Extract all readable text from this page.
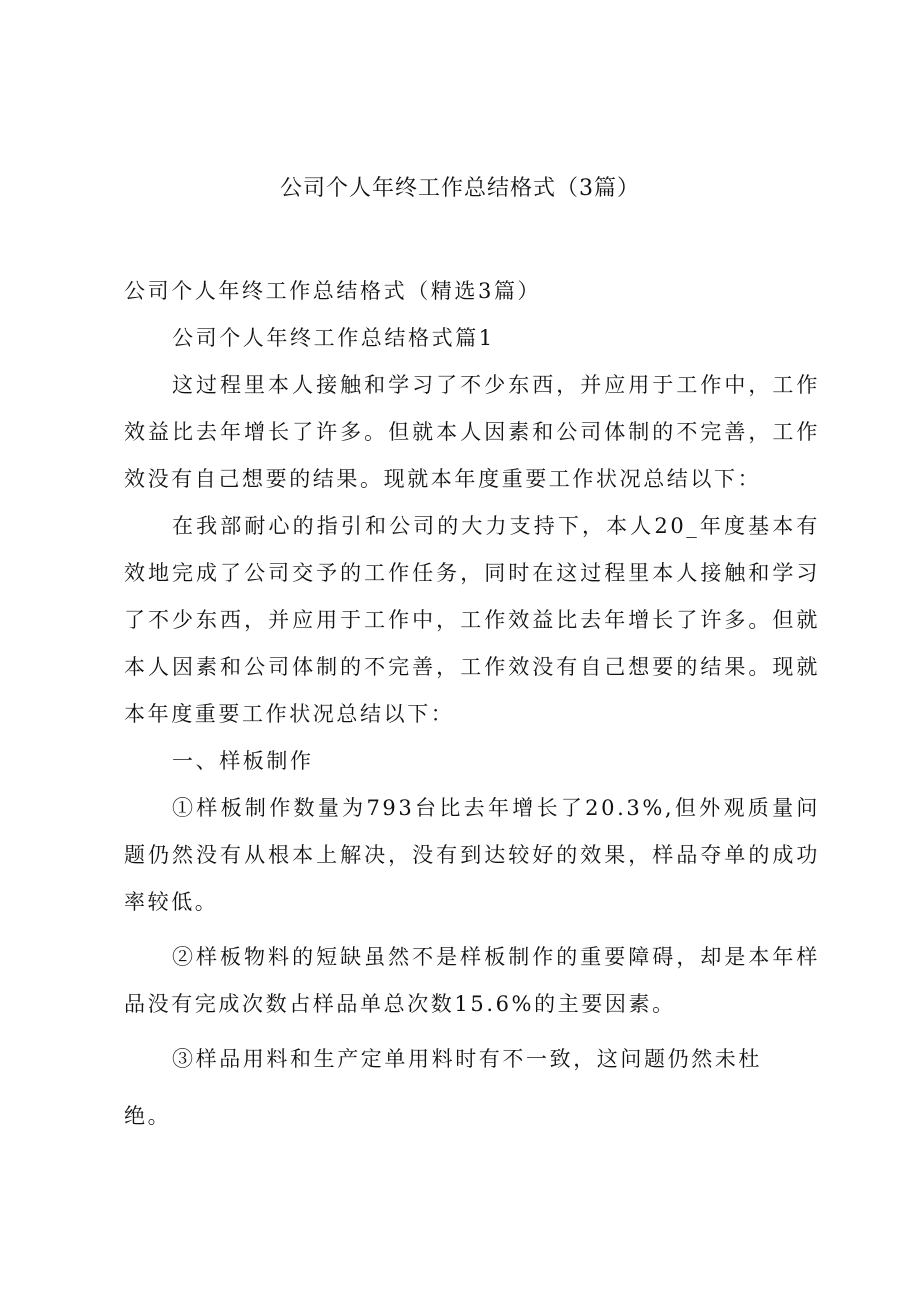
公司个人年终工作总结格式（3篇）

公司个人年终工作总结格式（精选3篇）

公司个人年终工作总结格式篇1

这过程里本人接触和学习了不少东西，并应用于工作中，工作效益比去年增长了许多。但就本人因素和公司体制的不完善，工作效没有自己想要的结果。现就本年度重要工作状况总结以下：

在我部耐心的指引和公司的大力支持下，本人20_年度基本有效地完成了公司交予的工作任务，同时在这过程里本人接触和学习了不少东西，并应用于工作中，工作效益比去年增长了许多。但就本人因素和公司体制的不完善，工作效没有自己想要的结果。现就本年度重要工作状况总结以下：

一、样板制作

①样板制作数量为793台比去年增长了20.3%,但外观质量问题仍然没有从根本上解决，没有到达较好的效果，样品夺单的成功率较低。

②样板物料的短缺虽然不是样板制作的重要障碍，却是本年样品没有完成次数占样品单总次数15.6%的主要因素。

③样品用料和生产定单用料时有不一致，这问题仍然未杜

绝。
